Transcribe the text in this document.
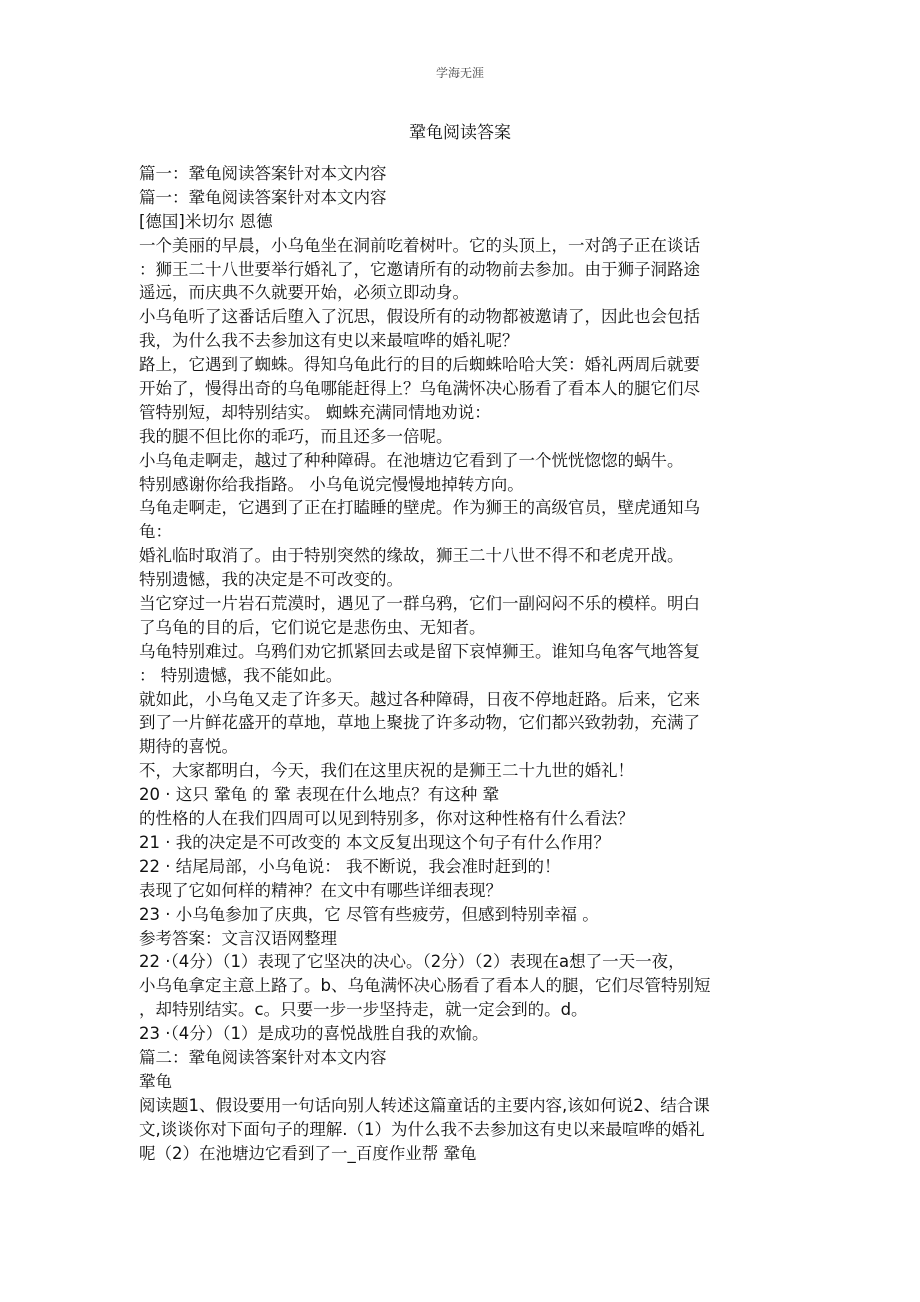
学海无涯
鞏龟阅读答案

篇一：鞏龟阅读答案针对本文内容

篇一：鞏龟阅读答案针对本文内容

[德国]米切尔 恩德

一个美丽的早晨，小乌龟坐在洞前吃着树叶。它的头顶上，一对鸽子正在谈话

：狮王二十八世要举行婚礼了，它邀请所有的动物前去参加。由于狮子洞路途

遥远，而庆典不久就要开始，必须立即动身。

小乌龟听了这番话后堕入了沉思，假设所有的动物都被邀请了，因此也会包括

我，为什么我不去参加这有史以来最喧哗的婚礼呢？

路上，它遇到了蜘蛛。得知乌龟此行的目的后蜘蛛哈哈大笑：婚礼两周后就要

开始了，慢得出奇的乌龟哪能赶得上？乌龟满怀决心肠看了看本人的腿它们尽

管特别短，却特别结实。 蜘蛛充满同情地劝说：

我的腿不但比你的乖巧，而且还多一倍呢。

小乌龟走啊走，越过了种种障碍。在池塘边它看到了一个恍恍惚惚的蜗牛。

特别感谢你给我指路。 小乌龟说完慢慢地掉转方向。

乌龟走啊走，它遇到了正在打瞌睡的壁虎。作为狮王的高级官员，壁虎通知乌

龟：

婚礼临时取消了。由于特别突然的缘故，狮王二十八世不得不和老虎开战。

特别遗憾，我的决定是不可改变的。

当它穿过一片岩石荒漠时，遇见了一群乌鸦，它们一副闷闷不乐的模样。明白

了乌龟的目的后，它们说它是悲伤虫、无知者。

乌龟特别难过。乌鸦们劝它抓紧回去或是留下哀悼狮王。谁知乌龟客气地答复

： 特别遗憾，我不能如此。

就如此，小乌龟又走了许多天。越过各种障碍，日夜不停地赶路。后来，它来

到了一片鲜花盛开的草地，草地上聚拢了许多动物，它们都兴致勃勃，充满了

期待的喜悦。

不，大家都明白，今天，我们在这里庆祝的是狮王二十九世的婚礼！

20 · 这只 鞏龟 的 鞏 表现在什么地点？有这种 鞏

的性格的人在我们四周可以见到特别多，你对这种性格有什么看法？

21 · 我的决定是不可改变的 本文反复出现这个句子有什么作用？

22 · 结尾局部，小乌龟说： 我不断说，我会准时赶到的！

表现了它如何样的精神？在文中有哪些详细表现？

23 · 小乌龟参加了庆典，它 尽管有些疲劳，但感到特别幸福 。

参考答案：文言汉语网整理

22 ·（4分）（1）表现了它坚决的决心。（2分）（2）表现在a想了一天一夜，

小乌龟拿定主意上路了。b、乌龟满怀决心肠看了看本人的腿，它们尽管特别短

，却特别结实。c。只要一步一步坚持走，就一定会到的。d。

23 ·（4分）（1）是成功的喜悦战胜自我的欢愉。

篇二：鞏龟阅读答案针对本文内容

鞏龟

阅读题1、假设要用一句话向别人转述这篇童话的主要内容,该如何说2、结合课

文,谈谈你对下面句子的理解.（1）为什么我不去参加这有史以来最喧哗的婚礼

呢（2）在池塘边它看到了一_百度作业帮 鞏龟
